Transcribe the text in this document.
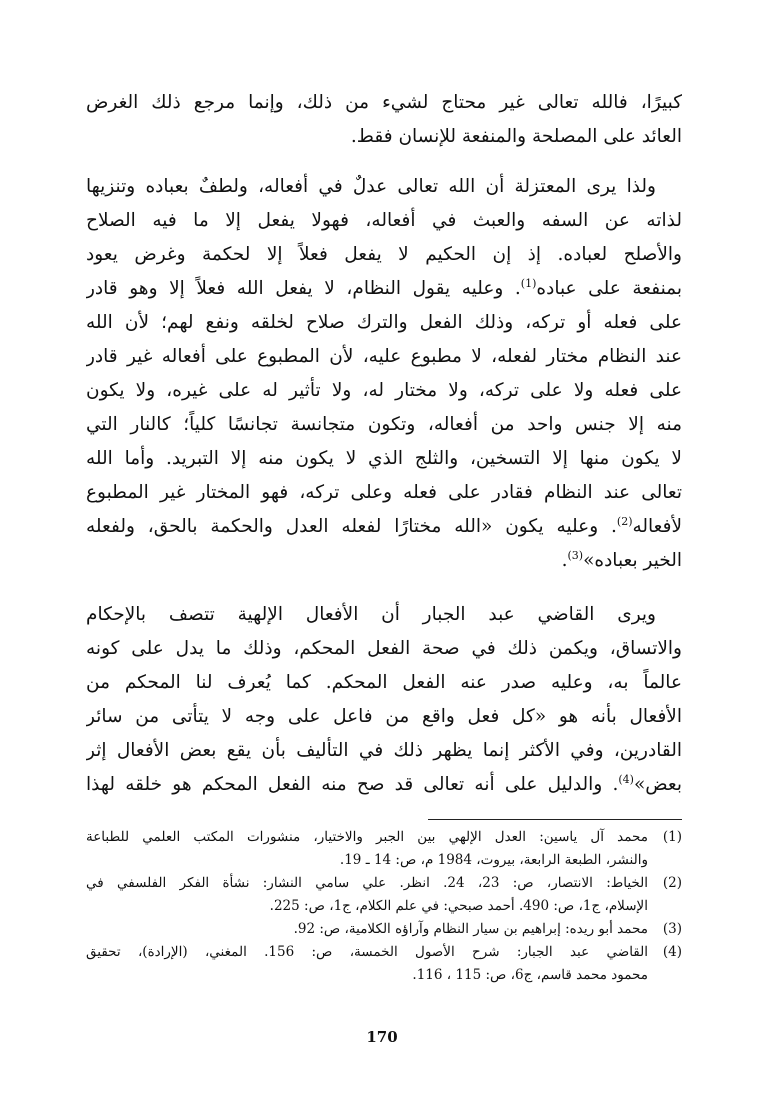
كبيرًا، فالله تعالى غير محتاج لشيء من ذلك، وإنما مرجع ذلك الغرض
العائد على المصلحة والمنفعة للإنسان فقط.
ولذا يرى المعتزلة أن الله تعالى عدلٌ في أفعاله، ولطفٌ بعباده وتنزيها
لذاته عن السفه والعبث في أفعاله، فهولا يفعل إلا ما فيه الصلاح
والأصلح لعباده. إذ إن الحكيم لا يفعل فعلاً إلا لحكمة وغرض يعود
بمنفعة على عباده$^{(1)}$. وعليه يقول النظام، لا يفعل الله فعلاً إلا وهو قادر
على فعله أو تركه، وذلك الفعل والترك صلاح لخلقه ونفع لهم؛ لأن الله
عند النظام مختار لفعله، لا مطبوع عليه، لأن المطبوع على أفعاله غير قادر
على فعله ولا على تركه، ولا مختار له، ولا تأثير له على غيره، ولا يكون
منه إلا جنس واحد من أفعاله، وتكون متجانسة تجانسًا كلياً؛ كالنار التي
لا يكون منها إلا التسخين، والثلج الذي لا يكون منه إلا التبريد. وأما الله
تعالى عند النظام فقادر على فعله وعلى تركه، فهو المختار غير المطبوع
لأفعاله$^{(2)}$. وعليه يكون «الله مختارًا لفعله العدل والحكمة بالحق، ولفعله
الخير بعباده»$^{(3)}$.
ويرى القاضي عبد الجبار أن الأفعال الإلهية تتصف بالإحكام
والاتساق، ويكمن ذلك في صحة الفعل المحكم، وذلك ما يدل على كونه
عالماً به، وعليه صدر عنه الفعل المحكم. كما يُعرف لنا المحكم من
الأفعال بأنه هو «كل فعل واقع من فاعل على وجه لا يتأتى من سائر
القادرين، وفي الأكثر إنما يظهر ذلك في التأليف بأن يقع بعض الأفعال إثر
بعض»$^{(4)}$. والدليل على أنه تعالى قد صح منه الفعل المحكم هو خلقه لهذا
(1)
محمد آل ياسين: العدل الإلهي بين الجبر والاختيار، منشورات المكتب العلمي للطباعة
والنشر، الطبعة الرابعة، بيروت، 1984 م، ص: 14 ـ 19.
(2)
الخياط: الانتصار، ص: 23، 24. انظر. علي سامي النشار: نشأة الفكر الفلسفي في
الإسلام، ج1، ص: 490. أحمد صبحي: في علم الكلام، ج1، ص: 225.
(3)
محمد أبو ريده: إبراهيم بن سيار النظام وآراؤه الكلامية، ص: 92.
(4)
القاضي عبد الجبار: شرح الأصول الخمسة، ص: 156. المغني، (الإرادة)، تحقيق
محمود محمد قاسم، ج6، ص: 115 ، 116.
170
